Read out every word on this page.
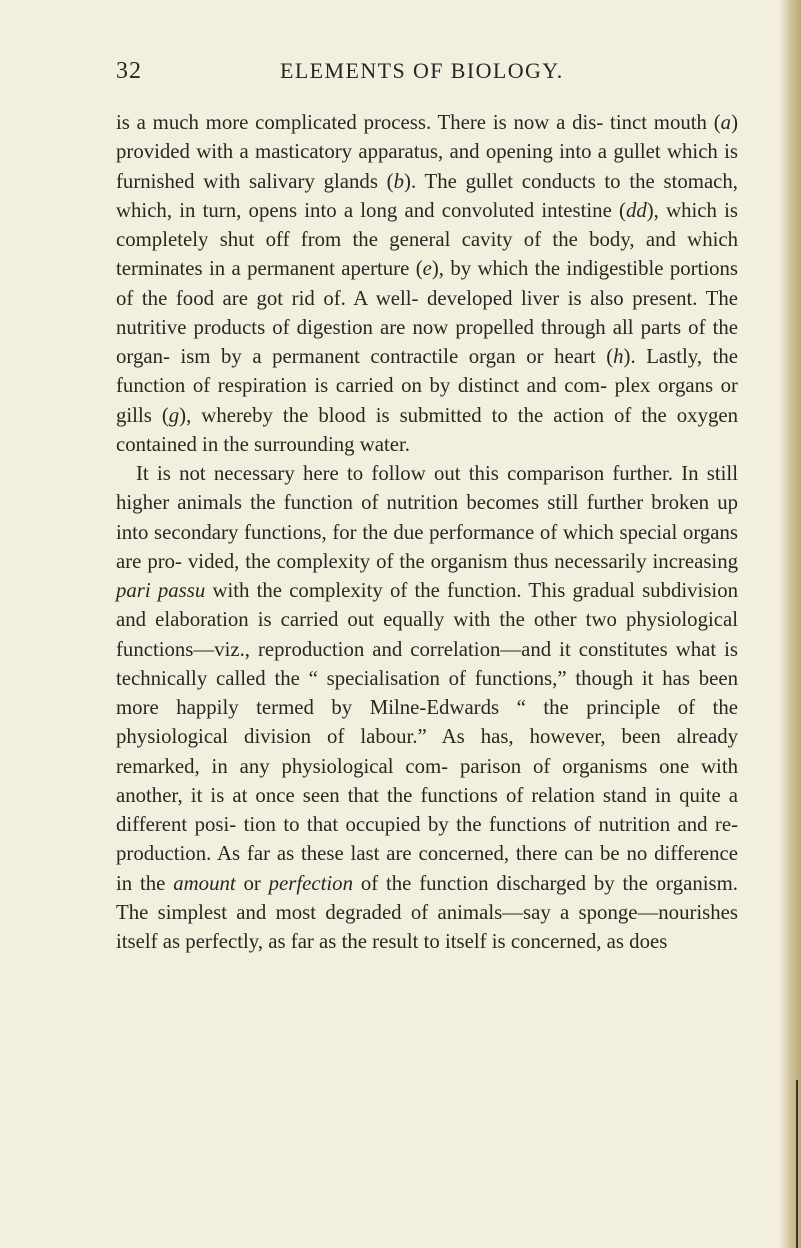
32	ELEMENTS OF BIOLOGY.

is a much more complicated process. There is now a dis- tinct mouth (a) provided with a masticatory apparatus, and opening into a gullet which is furnished with salivary glands (b). The gullet conducts to the stomach, which, in turn, opens into a long and convoluted intestine (dd), which is completely shut off from the general cavity of the body, and which terminates in a permanent aperture (e), by which the indigestible portions of the food are got rid of. A well- developed liver is also present. The nutritive products of digestion are now propelled through all parts of the organ- ism by a permanent contractile organ or heart (h). Lastly, the function of respiration is carried on by distinct and com- plex organs or gills (g), whereby the blood is submitted to the action of the oxygen contained in the surrounding water.

It is not necessary here to follow out this comparison further. In still higher animals the function of nutrition becomes still further broken up into secondary functions, for the due performance of which special organs are pro- vided, the complexity of the organism thus necessarily increasing pari passu with the complexity of the function. This gradual subdivision and elaboration is carried out equally with the other two physiological functions—viz., reproduction and correlation—and it constitutes what is technically called the “ specialisation of functions,” though it has been more happily termed by Milne-Edwards “ the principle of the physiological division of labour.” As has, however, been already remarked, in any physiological com- parison of organisms one with another, it is at once seen that the functions of relation stand in quite a different posi- tion to that occupied by the functions of nutrition and re- production. As far as these last are concerned, there can be no difference in the amount or perfection of the function discharged by the organism. The simplest and most degraded of animals—say a sponge—nourishes itself as perfectly, as far as the result to itself is concerned, as does
